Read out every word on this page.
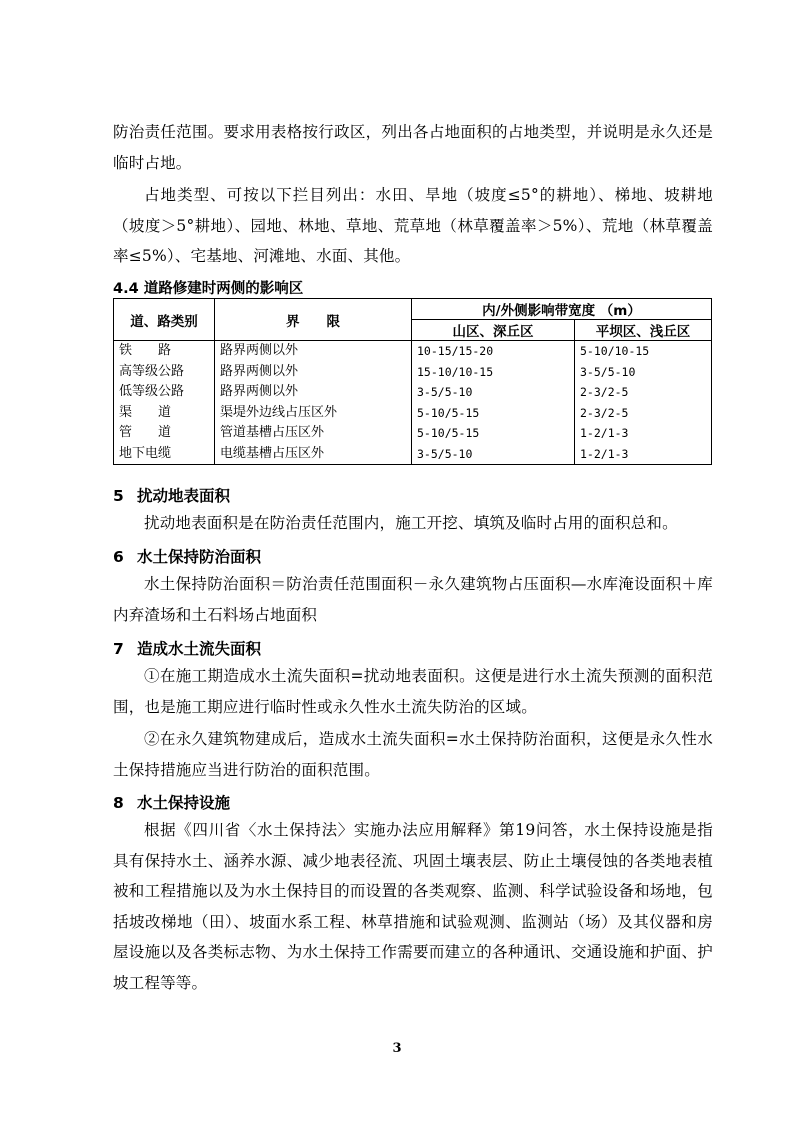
防治责任范围。要求用表格按行政区，列出各占地面积的占地类型，并说明是永久还是临时占地。

占地类型、可按以下拦目列出：水田、旱地（坡度≤5°的耕地）、梯地、坡耕地（坡度＞5°耕地）、园地、林地、草地、荒草地（林草覆盖率＞5%）、荒地（林草覆盖率≤5%）、宅基地、河滩地、水面、其他。

4.4 道路修建时两侧的影响区

道、路类别	界　　限	内/外侧影响带宽度 （m）	
		山区、深丘区	平坝区、浅丘区
铁　　路	路界两侧以外	10-15/15-20	5-10/10-15
高等级公路	路界两侧以外	15-10/10-15	3-5/5-10
低等级公路	路界两侧以外	3-5/5-10	2-3/2-5
渠　　道	渠堤外边线占压区外	5-10/5-15	2-3/2-5
管　　道	管道基槽占压区外	5-10/5-15	1-2/1-3
地下电缆	电缆基槽占压区外	3-5/5-10	1-2/1-3

5 扰动地表面积

扰动地表面积是在防治责任范围内，施工开挖、填筑及临时占用的面积总和。

6 水土保持防治面积

水土保持防治面积＝防治责任范围面积－永久建筑物占压面积—水库淹设面积＋库内弃渣场和土石料场占地面积

7 造成水土流失面积

①在施工期造成水土流失面积=扰动地表面积。这便是进行水土流失预测的面积范围，也是施工期应进行临时性或永久性水土流失防治的区域。

②在永久建筑物建成后，造成水土流失面积=水土保持防治面积，这便是永久性水土保持措施应当进行防治的面积范围。

8 水土保持设施

根据《四川省〈水土保持法〉实施办法应用解释》第19问答，水土保持设施是指具有保持水土、涵养水源、减少地表径流、巩固土壤表层、防止土壤侵蚀的各类地表植被和工程措施以及为水土保持目的而设置的各类观察、监测、科学试验设备和场地，包括坡改梯地（田）、坡面水系工程、林草措施和试验观测、监测站（场）及其仪器和房屋设施以及各类标志物、为水土保持工作需要而建立的各种通讯、交通设施和护面、护坡工程等等。

3
